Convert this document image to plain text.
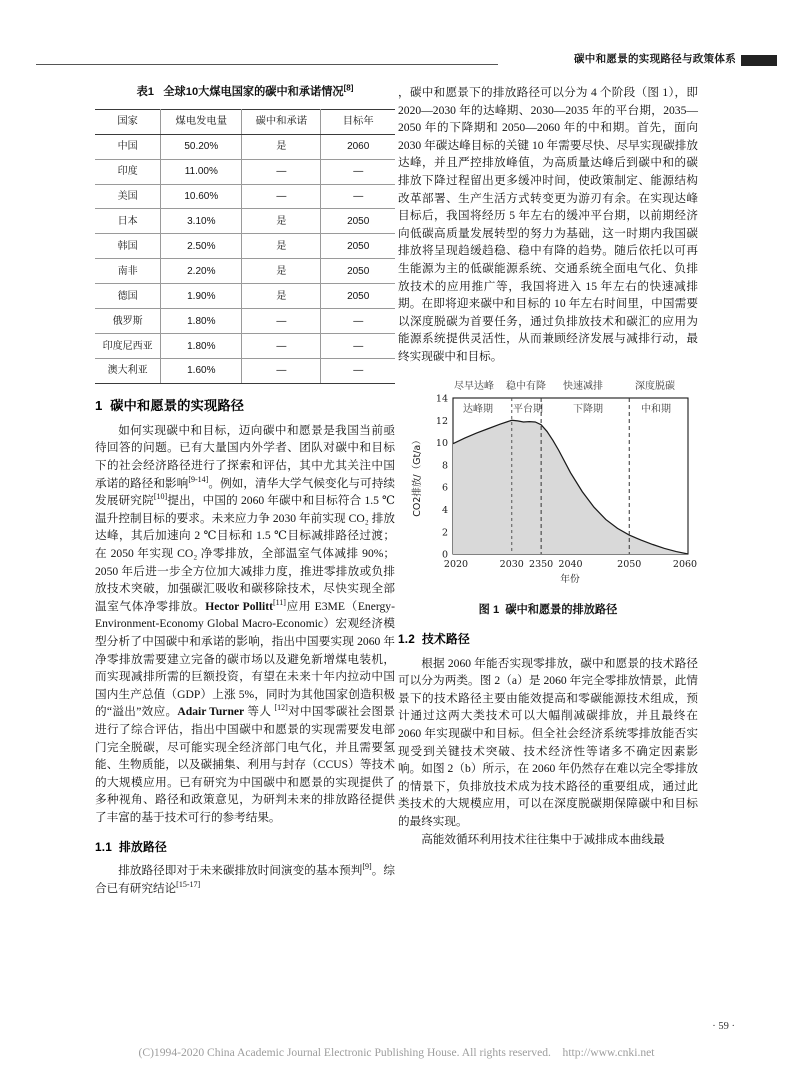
碳中和愿景的实现路径与政策体系
表1 全球10大煤电国家的碳中和承诺情况[8]
国家	煤电发电量	碳中和承诺	目标年
中国	50.20%	是	2060
印度	11.00%	—	—
美国	10.60%	—	—
日本	3.10%	是	2050
韩国	2.50%	是	2050
南非	2.20%	是	2050
德国	1.90%	是	2050
俄罗斯	1.80%	—	—
印度尼西亚	1.80%	—	—
澳大利亚	1.60%	—	—
1 碳中和愿景的实现路径

如何实现碳中和目标，迈向碳中和愿景是我国当前亟待回答的问题。已有大量国内外学者、团队对碳中和目标下的社会经济路径进行了探索和评估，其中尤其关注中国承诺的路径和影响[9-14]。例如，清华大学气候变化与可持续发展研究院[10]提出，中国的 2060 年碳中和目标符合 1.5 ℃温升控制目标的要求。未来应力争 2030 年前实现 CO₂ 排放达峰，其后加速向 2 ℃目标和 1.5 ℃目标减排路径过渡；在 2050 年实现 CO₂ 净零排放，全部温室气体减排 90%；2050 年后进一步全方位加大减排力度，推进零排放或负排放技术突破，加强碳汇吸收和碳移除技术，尽快实现全部温室气体净零排放。Hector Pollitt[11]应用 E3ME（Energy-Environment-Economy Global Macro-Economic）宏观经济模型分析了中国碳中和承诺的影响，指出中国要实现 2060 年净零排放需要建立完备的碳市场以及避免新增煤电装机，而实现减排所需的巨额投资，有望在未来十年内拉动中国国内生产总值（GDP）上涨 5%，同时为其他国家创造积极的“溢出”效应。Adair Turner 等人 [12]对中国零碳社会图景进行了综合评估，指出中国碳中和愿景的实现需要发电部门完全脱碳，尽可能实现全经济部门电气化，并且需要氢能、生物质能，以及碳捕集、利用与封存（CCUS）等技术的大规模应用。已有研究为中国碳中和愿景的实现提供了多种视角、路径和政策意见，为研判未来的排放路径提供了丰富的基于技术可行的参考结果。

1.1 排放路径

排放路径即对于未来碳排放时间演变的基本预判[9]。综合已有研究结论[15-17]

，碳中和愿景下的排放路径可以分为 4 个阶段（图 1），即 2020—2030 年的达峰期、2030—2035 年的平台期，2035—2050 年的下降期和 2050—2060 年的中和期。首先，面向 2030 年碳达峰目标的关键 10 年需要尽快、尽早实现碳排放达峰，并且严控排放峰值，为高质量达峰后到碳中和的碳排放下降过程留出更多缓冲时间，使政策制定、能源结构改革部署、生产生活方式转变更为游刃有余。在实现达峰目标后，我国将经历 5 年左右的缓冲平台期，以前期经济向低碳高质量发展转型的努力为基础，这一时期内我国碳排放将呈现趋缓趋稳、稳中有降的趋势。随后依托以可再生能源为主的低碳能源系统、交通系统全面电气化、负排放技术的应用推广等，我国将进入 15 年左右的快速减排期。在即将迎来碳中和目标的 10 年左右时间里，中国需要以深度脱碳为首要任务，通过负排放技术和碳汇的应用为能源系统提供灵活性，从而兼顾经济发展与减排行动，最终实现碳中和目标。

尽早达峰 稳中有降 快速减排	深度脱碳
达峰期 平台期	下降期	中和期
14
12
10
8
6
4
2
0
CO2排放/（Gt/a）
2020	2030 2350 2040	2050	2060
年份
图 1 碳中和愿景的排放路径
1.2 技术路径

根据 2060 年能否实现零排放，碳中和愿景的技术路径可以分为两类。图 2（a）是 2060 年完全零排放情景，此情景下的技术路径主要由能效提高和零碳能源技术组成，预计通过这两大类技术可以大幅削减碳排放，并且最终在 2060 年实现碳中和目标。但全社会经济系统零排放能否实现受到关键技术突破、技术经济性等诸多不确定因素影响。如图 2（b）所示，在 2060 年仍然存在难以完全零排放的情景下，负排放技术成为技术路径的重要组成，通过此类技术的大规模应用，可以在深度脱碳期保障碳中和目标的最终实现。

高能效循环利用技术往往集中于减排成本曲线最

· 59 ·
(C)1994-2020 China Academic Journal Electronic Publishing House. All rights reserved.    http://www.cnki.net
